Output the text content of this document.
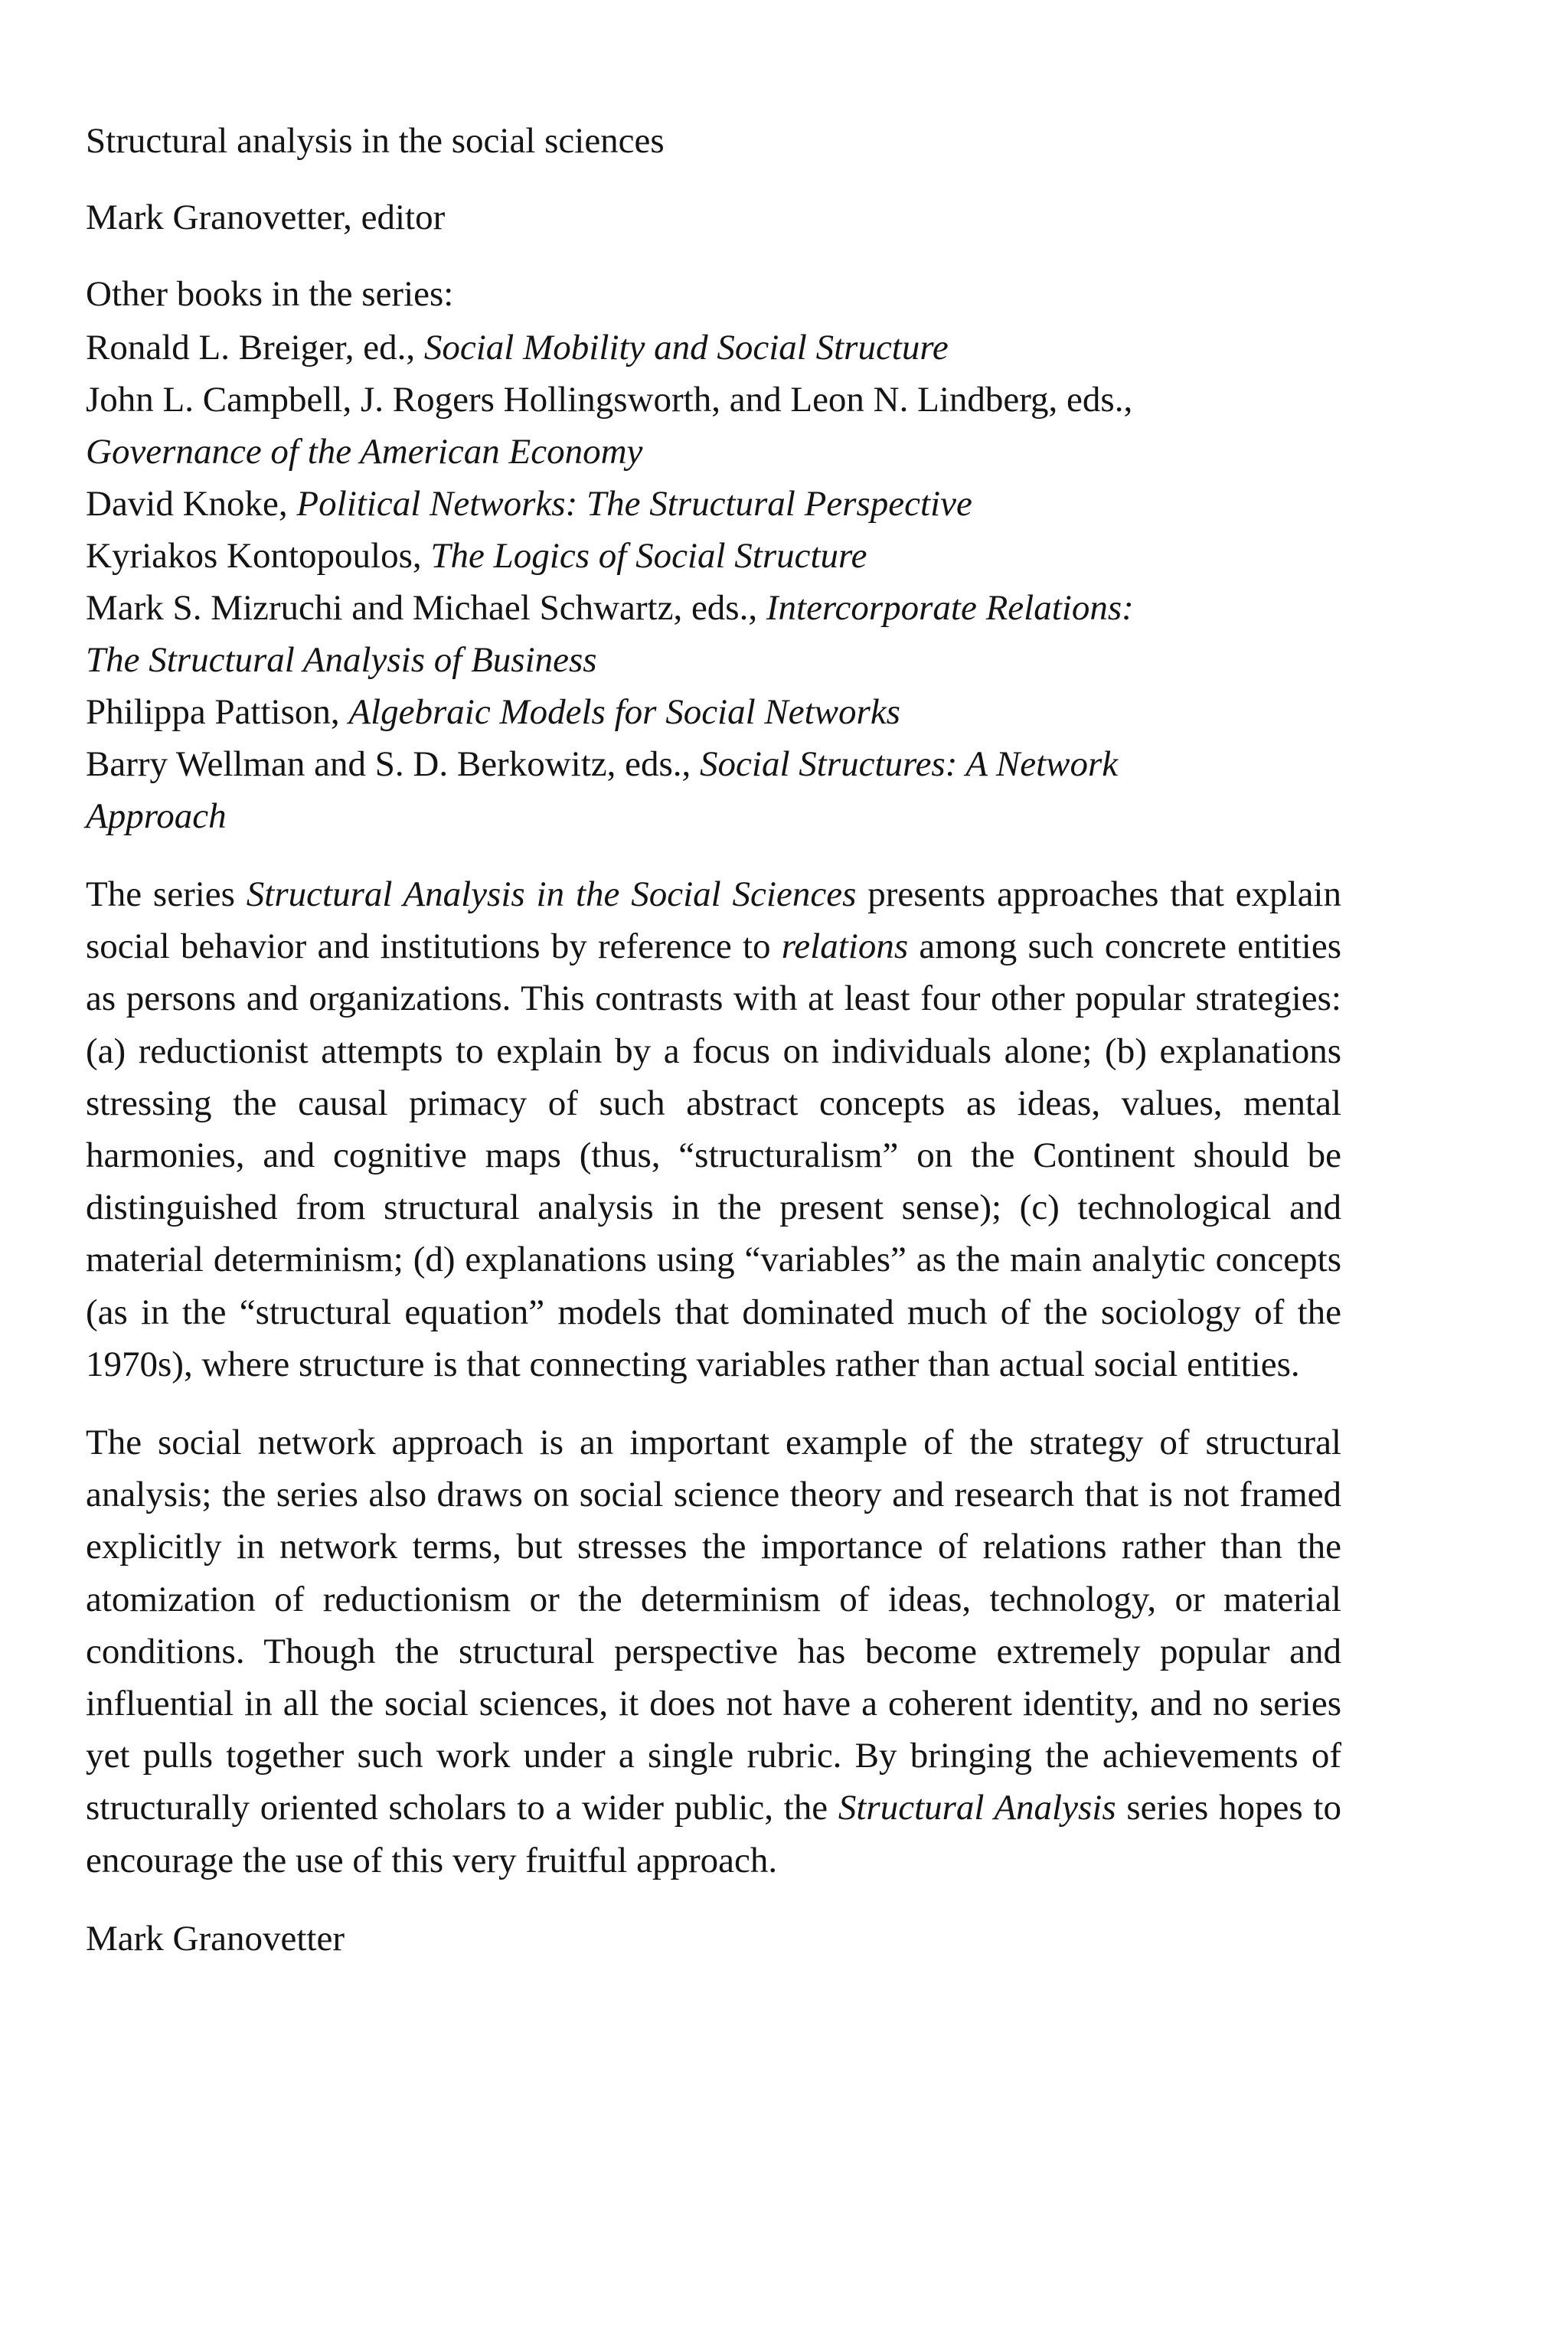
Structural analysis in the social sciences

Mark Granovetter, editor

Other books in the series:

Ronald L. Breiger, ed., Social Mobility and Social Structure

John L. Campbell, J. Rogers Hollingsworth, and Leon N. Lindberg, eds.,

Governance of the American Economy

David Knoke, Political Networks: The Structural Perspective

Kyriakos Kontopoulos, The Logics of Social Structure

Mark S. Mizruchi and Michael Schwartz, eds., Intercorporate Relations:

The Structural Analysis of Business

Philippa Pattison, Algebraic Models for Social Networks

Barry Wellman and S. D. Berkowitz, eds., Social Structures: A Network

Approach

The series Structural Analysis in the Social Sciences presents approaches that explain social behavior and institutions by reference to relations among such concrete entities as persons and organizations. This contrasts with at least four other popular strategies: (a) reductionist attempts to explain by a focus on individuals alone; (b) explanations stressing the causal primacy of such abstract concepts as ideas, values, mental harmonies, and cognitive maps (thus, “structuralism” on the Continent should be distinguished from structural analysis in the present sense); (c) technological and material determinism; (d) explanations using “variables” as the main analytic concepts (as in the “structural equation” models that dominated much of the sociology of the 1970s), where structure is that connecting variables rather than actual social entities.

The social network approach is an important example of the strategy of structural analysis; the series also draws on social science theory and research that is not framed explicitly in network terms, but stresses the importance of relations rather than the atomization of reductionism or the determinism of ideas, technology, or material conditions. Though the structural perspective has become extremely popular and influential in all the social sciences, it does not have a coherent identity, and no series yet pulls together such work under a single rubric. By bringing the achievements of structurally oriented scholars to a wider public, the Structural Analysis series hopes to encourage the use of this very fruitful approach.

Mark Granovetter
